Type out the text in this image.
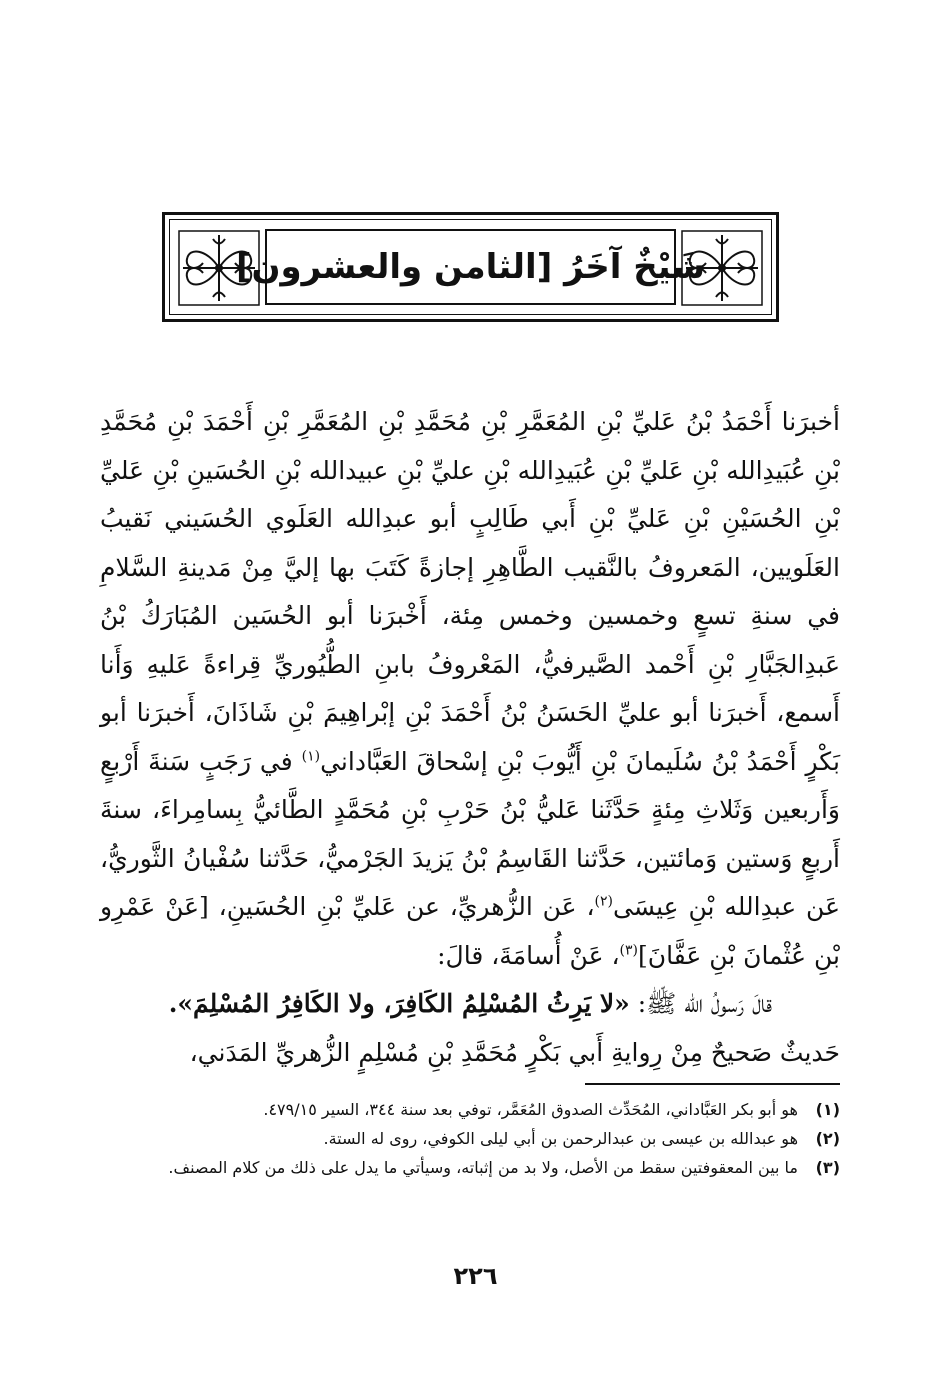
شَيْخٌ آخَرُ [الثامن والعشرون]

أخبرَنا أَحْمَدُ بْنُ عَليِّ بْنِ المُعَمَّرِ بْنِ مُحَمَّدِ بْنِ المُعَمَّرِ بْنِ أَحْمَدَ بْنِ مُحَمَّدِ بْنِ عُبَيدِالله بْنِ عَليِّ بْنِ عُبَيدِالله بْنِ عليِّ بْنِ عبيدالله بْنِ الحُسَينِ بْنِ عَليِّ بْنِ الحُسَيْنِ بْنِ عَليِّ بْنِ أَبي طَالِبٍ أبو عبدِالله العَلَوي الحُسَيني نَقيبُ العَلَويين، المَعروفُ بالنَّقيب الطَّاهِرِ إجازةً كَتَبَ بها إليَّ مِنْ مَدينةِ السَّلامِ في سنةِ تسعٍ وخمسين وخمس مِئة، أَخْبرَنا أبو الحُسَين المُبَارَكُ بْنُ عَبدِالجَبَّارِ بْنِ أَحْمد الصَّيرفيُّ، المَعْروفُ بابنِ الطُّيُوريِّ قِراءةً عَليهِ وَأَنا أَسمع، أَخبرَنا أبو عليِّ الحَسَنُ بْنُ أَحْمَدَ بْنِ إبْراهِيمَ بْنِ شَاذَانَ، أَخبرَنا أبو بَكْرٍ أَحْمَدُ بْنُ سُلَيمانَ بْنِ أَيُّوبَ بْنِ إسْحاقَ العَبَّاداني$^{(١)}$ في رَجَبٍ سَنةَ أَرْبعٍ وَأَربعين وَثَلاثِ مِئةٍ حَدَّثَنا عَليُّ بْنُ حَرْبِ بْنِ مُحَمَّدٍ الطَّائيُّ بِسامِراءَ، سنةَ أَربعٍ وَستين وَمائتين، حَدَّثنا القَاسِمُ بْنُ يَزيدَ الجَرْميُّ، حَدَّثنا سُفْيانُ الثَّوريُّ، عَن عبدِالله بْنِ عِيسَى$^{(٢)}$، عَن الزُّهريِّ، عن عَليِّ بْنِ الحُسَينِ، [عَنْ عَمْرِو بْنِ عُثْمانَ بْنِ عَفَّانَ]$^{(٣)}$، عَنْ أُسامَةَ، قالَ:

قالَ رَسولُ الله ﷺ: «لا يَرِثُ المُسْلِمُ الكَافِرَ، ولا الكَافِرُ المُسْلِمَ».

حَديثٌ صَحيحٌ مِنْ رِوايةِ أَبي بَكْرٍ مُحَمَّدِ بْنِ مُسْلِمٍ الزُّهريِّ المَدَني،

(١)
هو أبو بكر العَبَّاداني، المُحَدِّث الصدوق المُعَمَّر، توفي بعد سنة ٣٤٤، السير ٤٧٩/١٥.
(٢)
هو عبدالله بن عيسى بن عبدالرحمن بن أبي ليلى الكوفي، روى له الستة.
(٣)
ما بين المعقوفتين سقط من الأصل، ولا بد من إثباته، وسيأتي ما يدل على ذلك من كلام المصنف.
٢٢٦
